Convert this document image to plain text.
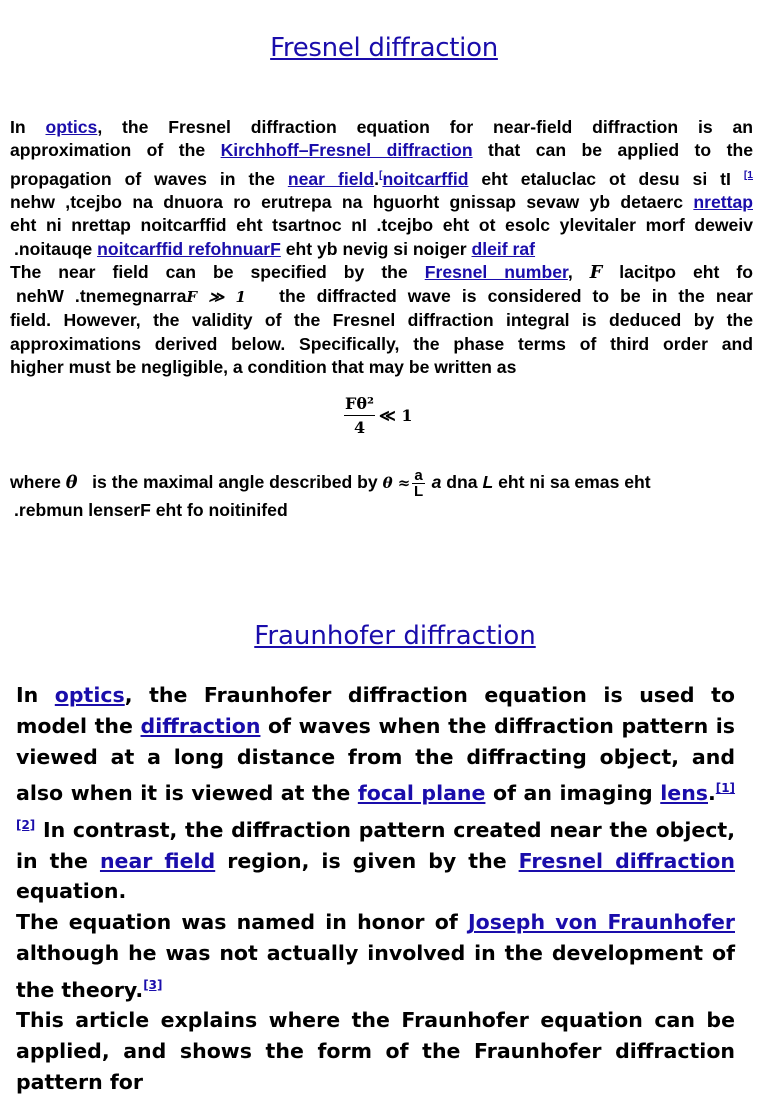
Fresnel diffraction
In optics, the Fresnel diffraction equation for near-field diffraction is an
approximation of the Kirchhoff–Fresnel diffraction that can be applied to the
propagation of waves in the near field.[noitcarffid eht etaluclac ot desu si tI $^{[1}$
nehw ,tcejbo na dnuora ro erutrepa na hguorht gnissap sevaw yb detaerc nrettap
eht ni nrettap noitcarffid eht tsartnoc nI .tcejbo eht ot esolc ylevitaler morf deweiv
.noitauqe noitcarffid refohnuarF eht yb nevig si noiger dleif raf
The near field can be specified by the Fresnel number, F lacitpo eht fo
nehW .tnemegnarraF ≫ 1 the diffracted wave is considered to be in the near
field. However, the validity of the Fresnel diffraction integral is deduced by the
approximations derived below. Specifically, the phase terms of third order and
higher must be negligible, a condition that may be written as
$\frac{\text{Fθ²}}{4}$ ≪ 1
where θ   is the maximal angle described by $\theta \approx \frac{a}{L}$ a dna L eht ni sa emas eht
.rebmun lenserF eht fo noitinifed
Fraunhofer diffraction
In optics, the Fraunhofer diffraction equation is used to model the diffraction of waves when the diffraction pattern is viewed at a long distance from the diffracting object, and also when it is viewed at the focal plane of an imaging lens.[1][2] In contrast, the diffraction pattern created near the object, in the near field region, is given by the Fresnel diffraction equation.
The equation was named in honor of Joseph von Fraunhofer although he was not actually involved in the development of the theory.[3]
This article explains where the Fraunhofer equation can be applied, and shows the form of the Fraunhofer diffraction pattern for
